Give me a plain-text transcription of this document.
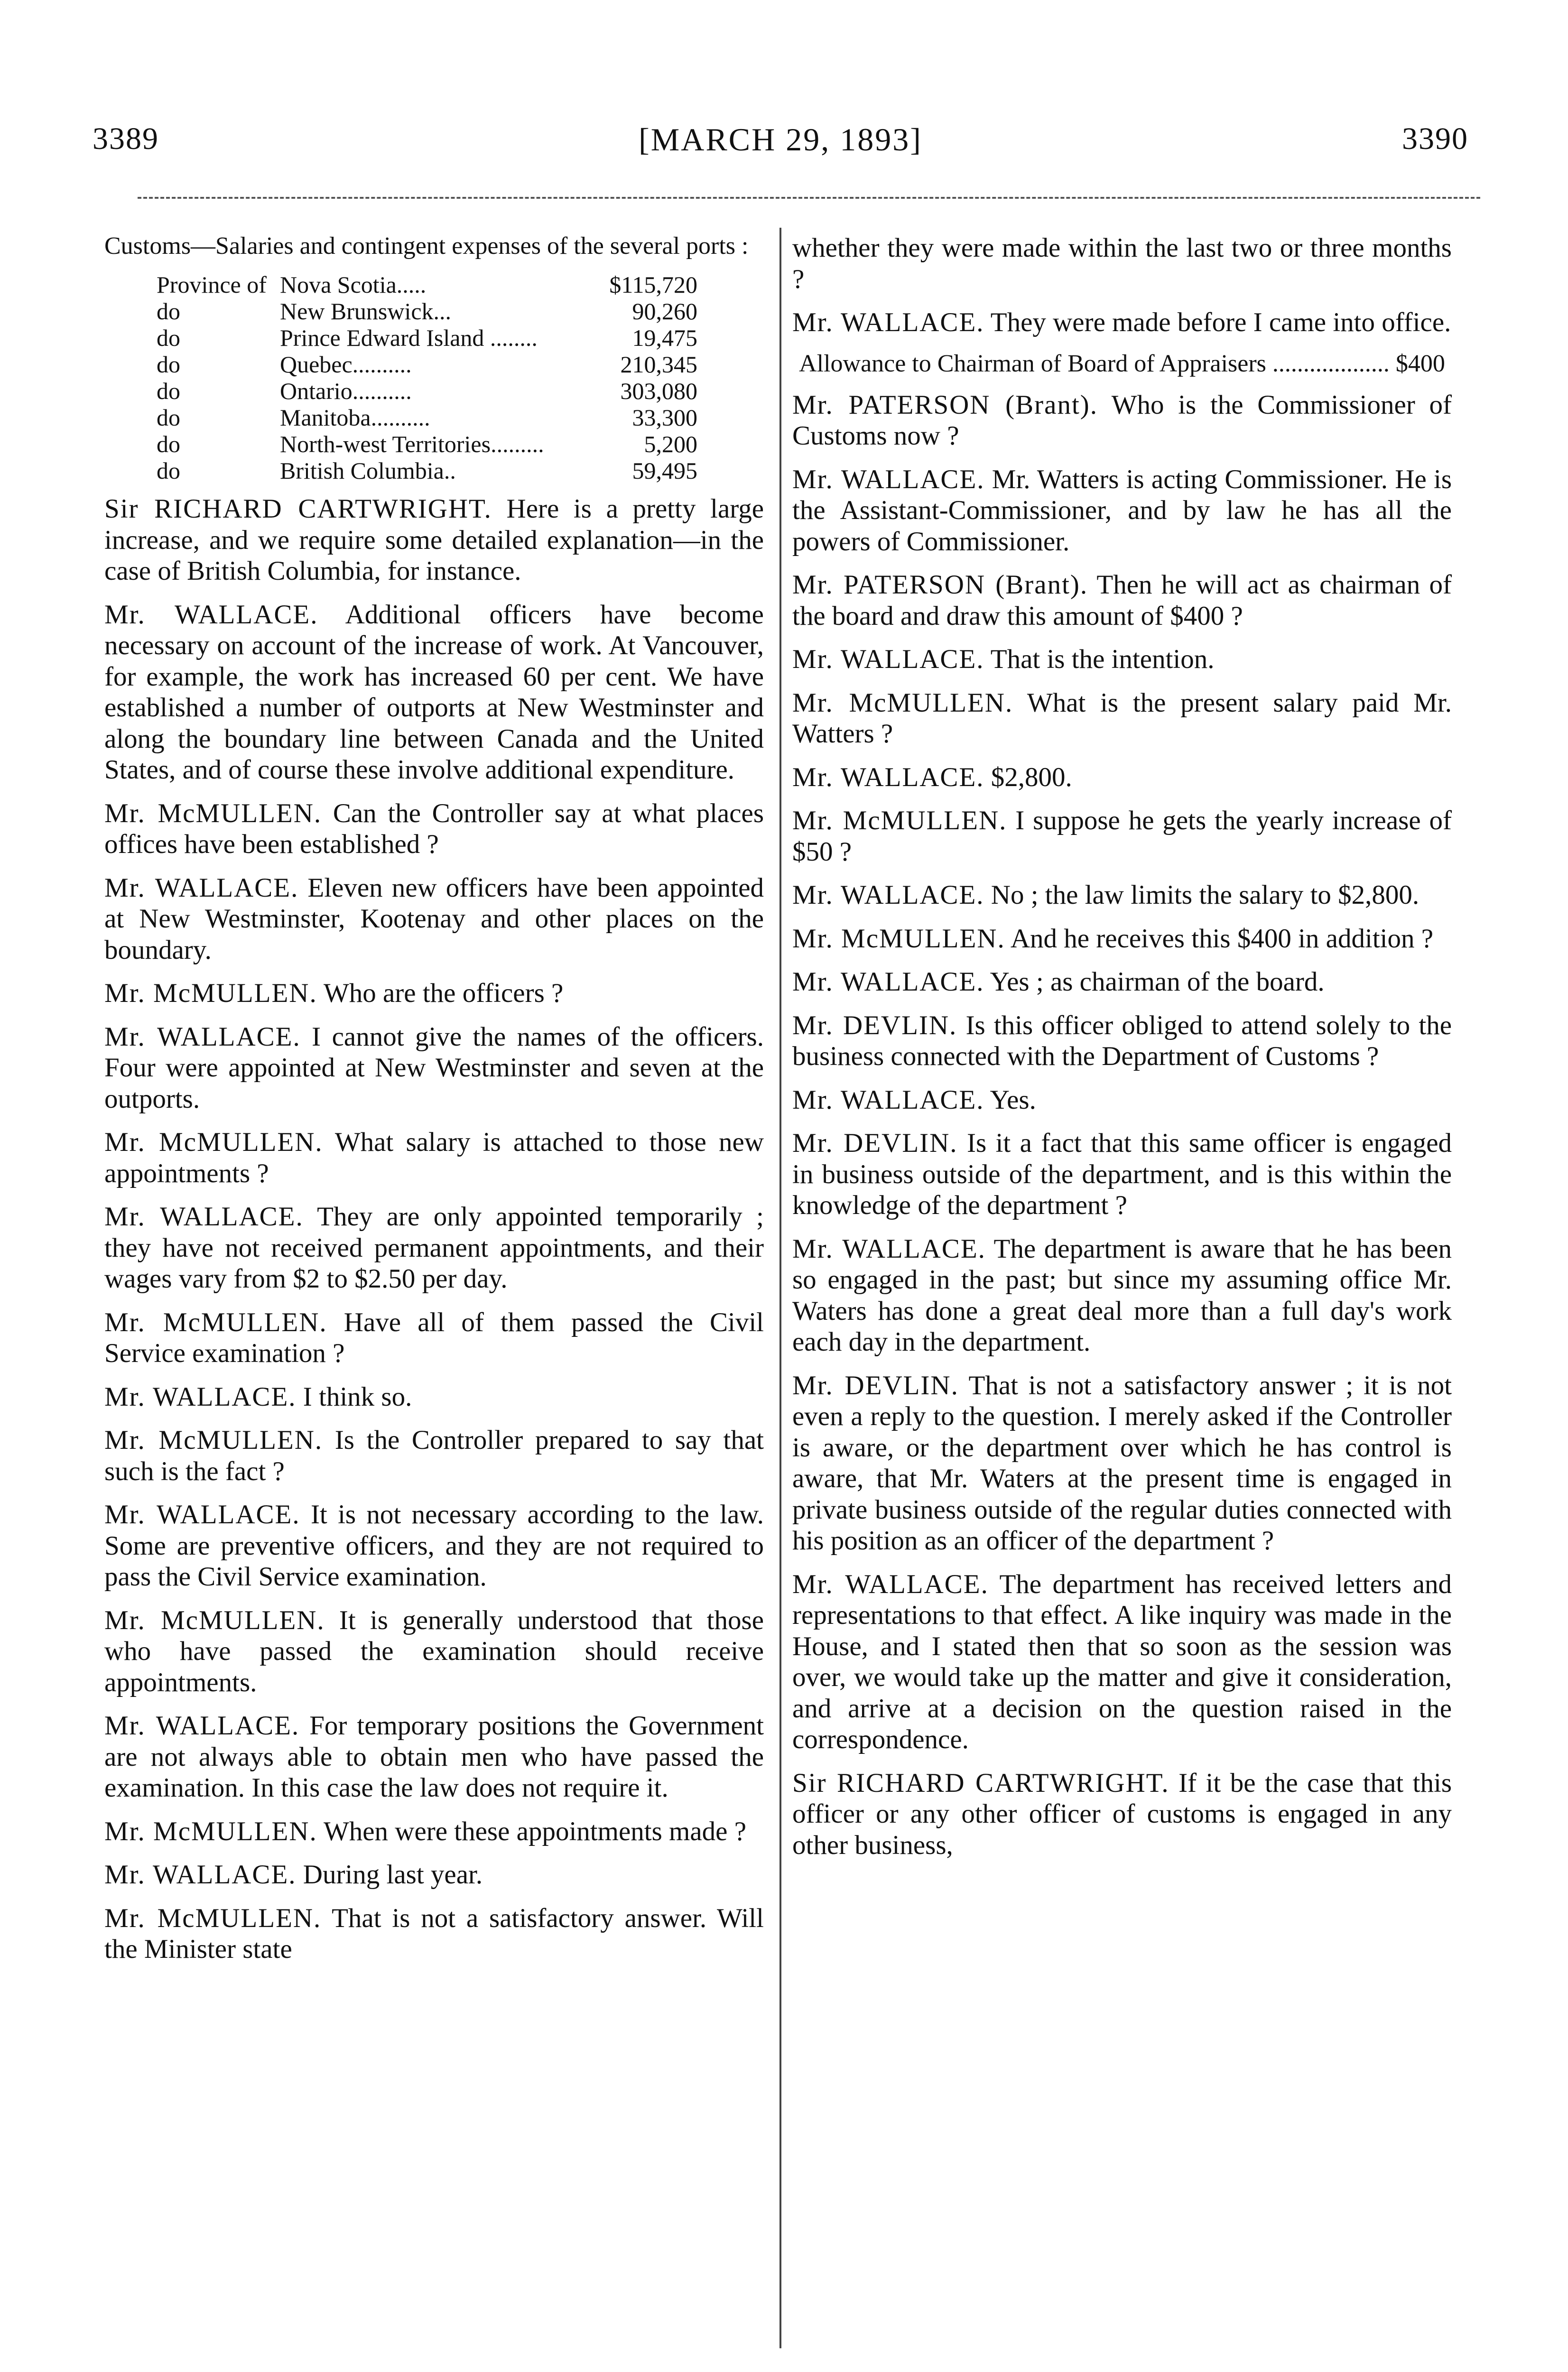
[MARCH 29, 1893]
3389	3390

Customs—Salaries and contingent expenses of the several ports :

Province of	Nova Scotia.....	$115,720
do	New Brunswick...	90,260
do	Prince Edward Island ........	19,475
do	Quebec..........	210,345
do	Ontario..........	303,080
do	Manitoba..........	33,300
do	North-west Territories.........	5,200
do	British Columbia..	59,495

Sir RICHARD CARTWRIGHT. Here is a pretty large increase, and we require some detailed explanation—in the case of British Columbia, for instance.

Mr. WALLACE. Additional officers have become necessary on account of the increase of work. At Vancouver, for example, the work has increased 60 per cent. We have established a number of outports at New Westminster and along the boundary line between Canada and the United States, and of course these involve additional expenditure.

Mr. McMULLEN. Can the Controller say at what places offices have been established ?

Mr. WALLACE. Eleven new officers have been appointed at New Westminster, Kootenay and other places on the boundary.

Mr. McMULLEN. Who are the officers ?

Mr. WALLACE. I cannot give the names of the officers. Four were appointed at New Westminster and seven at the outports.

Mr. McMULLEN. What salary is attached to those new appointments ?

Mr. WALLACE. They are only appointed temporarily ; they have not received permanent appointments, and their wages vary from $2 to $2.50 per day.

Mr. McMULLEN. Have all of them passed the Civil Service examination ?

Mr. WALLACE. I think so.

Mr. McMULLEN. Is the Controller prepared to say that such is the fact ?

Mr. WALLACE. It is not necessary according to the law. Some are preventive officers, and they are not required to pass the Civil Service examination.

Mr. McMULLEN. It is generally understood that those who have passed the examination should receive appointments.

Mr. WALLACE. For temporary positions the Government are not always able to obtain men who have passed the examination. In this case the law does not require it.

Mr. McMULLEN. When were these appointments made ?

Mr. WALLACE. During last year.

Mr. McMULLEN. That is not a satisfactory answer. Will the Minister state

whether they were made within the last two or three months ?

Mr. WALLACE. They were made before I came into office.

Allowance to Chairman of Board of Appraisers ................... $400

Mr. PATERSON (Brant). Who is the Commissioner of Customs now ?

Mr. WALLACE. Mr. Watters is acting Commissioner. He is the Assistant-Commissioner, and by law he has all the powers of Commissioner.

Mr. PATERSON (Brant). Then he will act as chairman of the board and draw this amount of $400 ?

Mr. WALLACE. That is the intention.

Mr. McMULLEN. What is the present salary paid Mr. Watters ?

Mr. WALLACE. $2,800.

Mr. McMULLEN. I suppose he gets the yearly increase of $50 ?

Mr. WALLACE. No ; the law limits the salary to $2,800.

Mr. McMULLEN. And he receives this $400 in addition ?

Mr. WALLACE. Yes ; as chairman of the board.

Mr. DEVLIN. Is this officer obliged to attend solely to the business connected with the Department of Customs ?

Mr. WALLACE. Yes.

Mr. DEVLIN. Is it a fact that this same officer is engaged in business outside of the department, and is this within the knowledge of the department ?

Mr. WALLACE. The department is aware that he has been so engaged in the past; but since my assuming office Mr. Waters has done a great deal more than a full day's work each day in the department.

Mr. DEVLIN. That is not a satisfactory answer ; it is not even a reply to the question. I merely asked if the Controller is aware, or the department over which he has control is aware, that Mr. Waters at the present time is engaged in private business outside of the regular duties connected with his position as an officer of the department ?

Mr. WALLACE. The department has received letters and representations to that effect. A like inquiry was made in the House, and I stated then that so soon as the session was over, we would take up the matter and give it consideration, and arrive at a decision on the question raised in the correspondence.

Sir RICHARD CARTWRIGHT. If it be the case that this officer or any other officer of customs is engaged in any other business,
